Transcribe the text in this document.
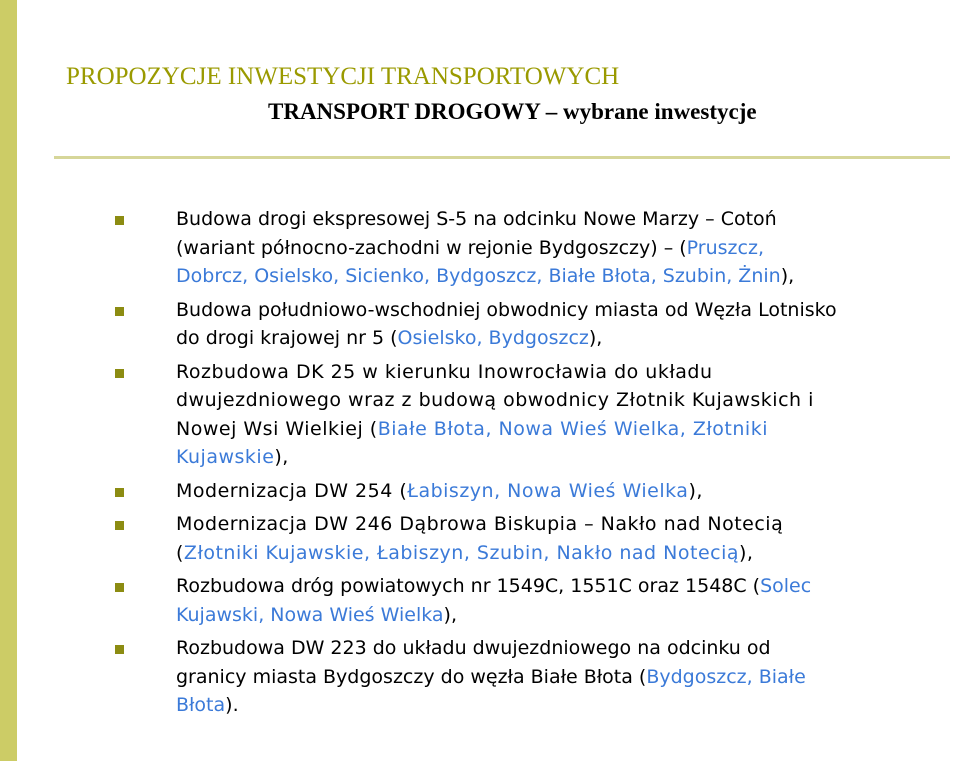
PROPOZYCJE INWESTYCJI TRANSPORTOWYCH
TRANSPORT DROGOWY – wybrane inwestycje
Budowa drogi ekspresowej S-5 na odcinku Nowe Marzy – Cotoń
(wariant północno-zachodni w rejonie Bydgoszczy) – (Pruszcz,
Dobrcz, Osielsko, Sicienko, Bydgoszcz, Białe Błota, Szubin, Żnin),
Budowa południowo-wschodniej obwodnicy miasta od Węzła Lotnisko
do drogi krajowej nr 5 (Osielsko, Bydgoszcz),
Rozbudowa DK 25 w kierunku Inowrocławia do układu
dwujezdniowego wraz z budową obwodnicy Złotnik Kujawskich i
Nowej Wsi Wielkiej (Białe Błota, Nowa Wieś Wielka, Złotniki
Kujawskie),
Modernizacja DW 254 (Łabiszyn, Nowa Wieś Wielka),
Modernizacja DW 246 Dąbrowa Biskupia – Nakło nad Notecią
(Złotniki Kujawskie, Łabiszyn, Szubin, Nakło nad Notecią),
Rozbudowa dróg powiatowych nr 1549C, 1551C oraz 1548C (Solec
Kujawski, Nowa Wieś Wielka),
Rozbudowa DW 223 do układu dwujezdniowego na odcinku od
granicy miasta Bydgoszczy do węzła Białe Błota (Bydgoszcz, Białe
Błota).
